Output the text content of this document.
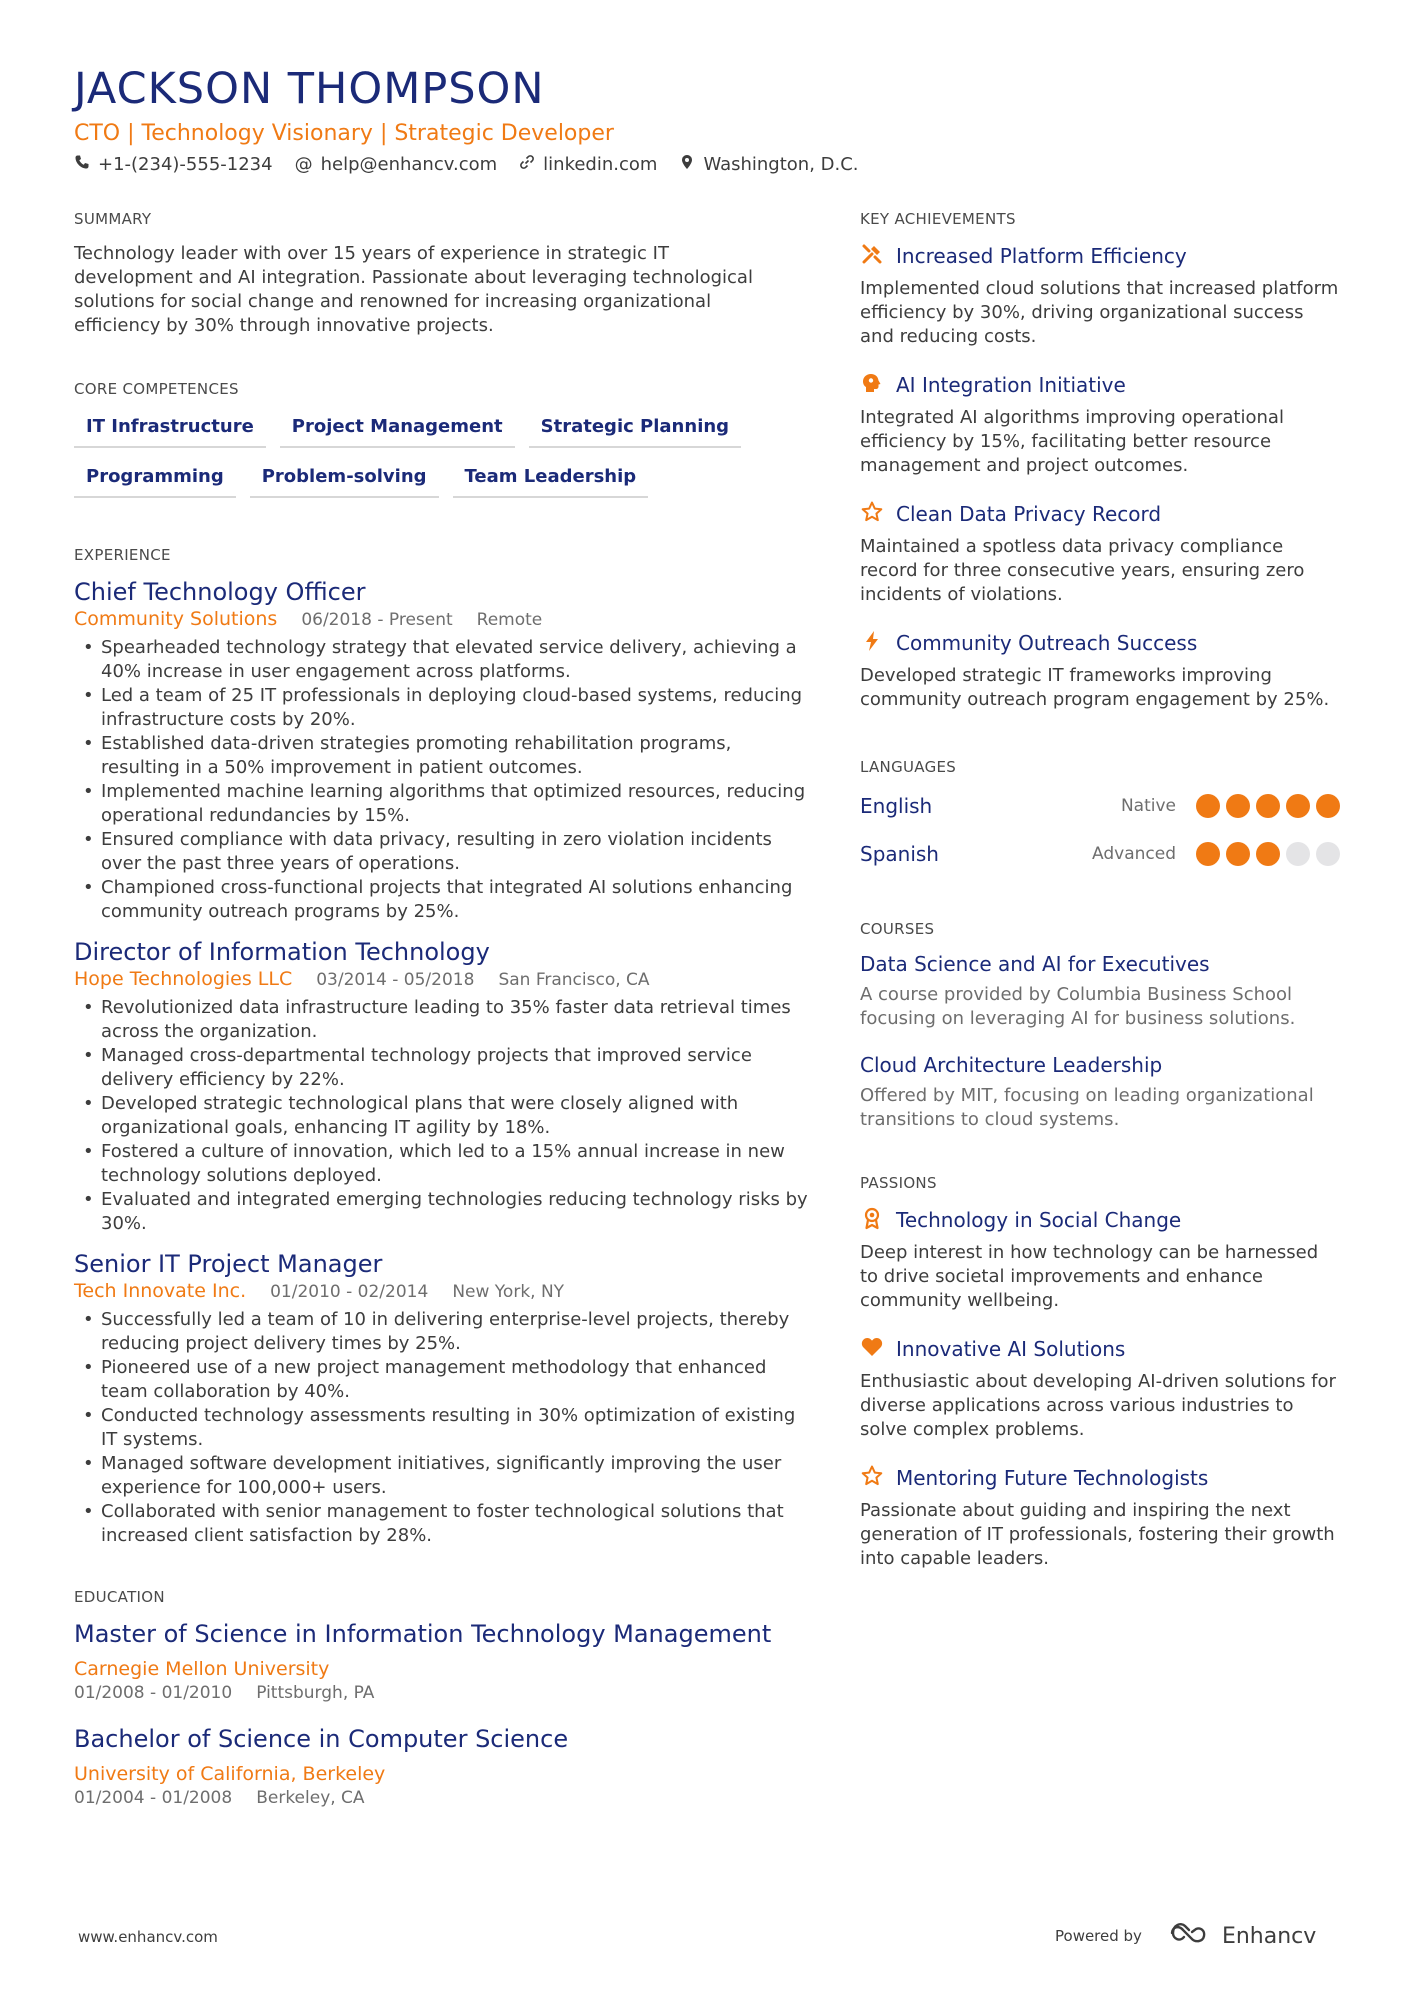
JACKSON THOMPSON
CTO | Technology Visionary | Strategic Developer
+1-(234)-555-1234 @ help@enhancv.com	linkedin.com	Washington, D.C.
SUMMARY

Technology leader with over 15 years of experience in strategic IT development and AI integration. Passionate about leveraging technological solutions for social change and renowned for increasing organizational efficiency by 30% through innovative projects.

CORE COMPETENCES
IT Infrastructure	Project Management	Strategic Planning
Programming	Problem-solving	Team Leadership
EXPERIENCE
Chief Technology Officer
Community Solutions 06/2018 - Present Remote
• Spearheaded technology strategy that elevated service delivery, achieving a 40% increase in user engagement across platforms.
• Led a team of 25 IT professionals in deploying cloud-based systems, reducing infrastructure costs by 20%.
• Established data-driven strategies promoting rehabilitation programs, resulting in a 50% improvement in patient outcomes.
• Implemented machine learning algorithms that optimized resources, reducing operational redundancies by 15%.
• Ensured compliance with data privacy, resulting in zero violation incidents over the past three years of operations.
• Championed cross-functional projects that integrated AI solutions enhancing community outreach programs by 25%.
Director of Information Technology
Hope Technologies LLC 03/2014 - 05/2018 San Francisco, CA
• Revolutionized data infrastructure leading to 35% faster data retrieval times across the organization.
• Managed cross-departmental technology projects that improved service delivery efficiency by 22%.
• Developed strategic technological plans that were closely aligned with organizational goals, enhancing IT agility by 18%.
• Fostered a culture of innovation, which led to a 15% annual increase in new technology solutions deployed.
• Evaluated and integrated emerging technologies reducing technology risks by 30%.
Senior IT Project Manager
Tech Innovate Inc. 01/2010 - 02/2014 New York, NY
• Successfully led a team of 10 in delivering enterprise-level projects, thereby reducing project delivery times by 25%.
• Pioneered use of a new project management methodology that enhanced team collaboration by 40%.
• Conducted technology assessments resulting in 30% optimization of existing IT systems.
• Managed software development initiatives, significantly improving the user experience for 100,000+ users.
• Collaborated with senior management to foster technological solutions that increased client satisfaction by 28%.
EDUCATION
Master of Science in Information Technology Management
Carnegie Mellon University
01/2008 - 01/2010 Pittsburgh, PA
Bachelor of Science in Computer Science
University of California, Berkeley
01/2004 - 01/2008 Berkeley, CA
KEY ACHIEVEMENTS
Increased Platform Efficiency
Implemented cloud solutions that increased platform efficiency by 30%, driving organizational success and reducing costs.
AI Integration Initiative
Integrated AI algorithms improving operational efficiency by 15%, facilitating better resource management and project outcomes.
Clean Data Privacy Record
Maintained a spotless data privacy compliance record for three consecutive years, ensuring zero incidents of violations.
Community Outreach Success
Developed strategic IT frameworks improving community outreach program engagement by 25%.
LANGUAGES
English	Native
Spanish	Advanced
COURSES
Data Science and AI for Executives
A course provided by Columbia Business School focusing on leveraging AI for business solutions.
Cloud Architecture Leadership
Offered by MIT, focusing on leading organizational transitions to cloud systems.
PASSIONS
Technology in Social Change
Deep interest in how technology can be harnessed to drive societal improvements and enhance community wellbeing.
Innovative AI Solutions
Enthusiastic about developing AI-driven solutions for diverse applications across various industries to solve complex problems.
Mentoring Future Technologists
Passionate about guiding and inspiring the next generation of IT professionals, fostering their growth into capable leaders.
www.enhancv.com	Powered by	Enhancv
